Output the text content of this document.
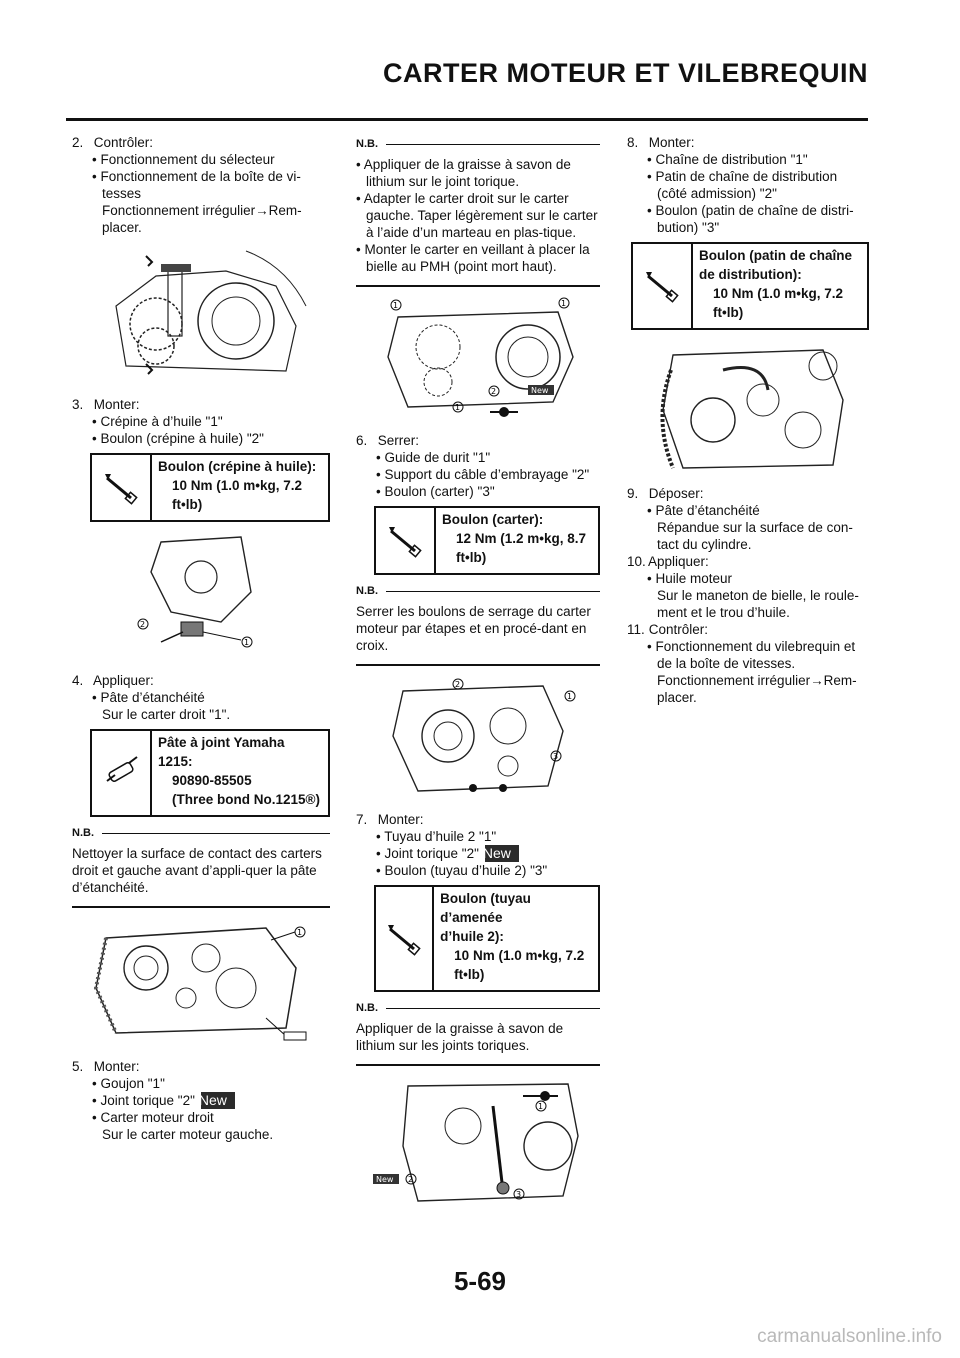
CARTER MOTEUR ET VILEBREQUIN

2. Contrôler:

• Fonctionnement du sélecteur

• Fonctionnement de la boîte de vi-tesses

Fonctionnement irrégulier→Rem-placer.

3. Monter:

• Crépine à d’huile "1"

• Boulon (crépine à huile) "2"

Boulon (crépine à huile):
10 Nm (1.0 m•kg, 7.2
ft•lb)
2
1

4. Appliquer:

• Pâte d’étanchéité

Sur le carter droit "1".

Pâte à joint Yamaha
1215:
90890-85505
(Three bond No.1215®)
N.B.
Nettoyer la surface de contact des carters droit et gauche avant d’appli-quer la pâte d’étanchéité.
1

5. Monter:

• Goujon "1"

• Joint torique "2" New

• Carter moteur droit

Sur le carter moteur gauche.

N.B.
• Appliquer de la graisse à savon de lithium sur le joint torique.
• Adapter le carter droit sur le carter gauche. Taper légèrement sur le carter à l’aide d’un marteau en plas-tique.
• Monter le carter en veillant à placer la bielle au PMH (point mort haut).
1	1
2
1
New

6. Serrer:

• Guide de durit "1"

• Support du câble d’embrayage "2"

• Boulon (carter) "3"

Boulon (carter):
12 Nm (1.2 m•kg, 8.7
ft•lb)
N.B.
Serrer les boulons de serrage du carter moteur par étapes et en procé-dant en croix.
2
1
3

7. Monter:

• Tuyau d’huile 2 "1"

• Joint torique "2" New

• Boulon (tuyau d’huile 2) "3"

Boulon (tuyau d’amenée
d’huile 2):
10 Nm (1.0 m•kg, 7.2
ft•lb)
N.B.
Appliquer de la graisse à savon de lithium sur les joints toriques.
New 2
1
3

8. Monter:

• Chaîne de distribution "1"

• Patin de chaîne de distribution (côté admission) "2"

• Boulon (patin de chaîne de distri-bution) "3"

Boulon (patin de chaîne
de distribution):
10 Nm (1.0 m•kg, 7.2
ft•lb)

9. Déposer:

• Pâte d’étanchéité

Répandue sur la surface de con-tact du cylindre.

10. Appliquer:

• Huile moteur

Sur le maneton de bielle, le roule-ment et le trou d’huile.

11. Contrôler:

• Fonctionnement du vilebrequin et de la boîte de vitesses.

Fonctionnement irrégulier→Rem-placer.

5-69
carmanualsonline.info
